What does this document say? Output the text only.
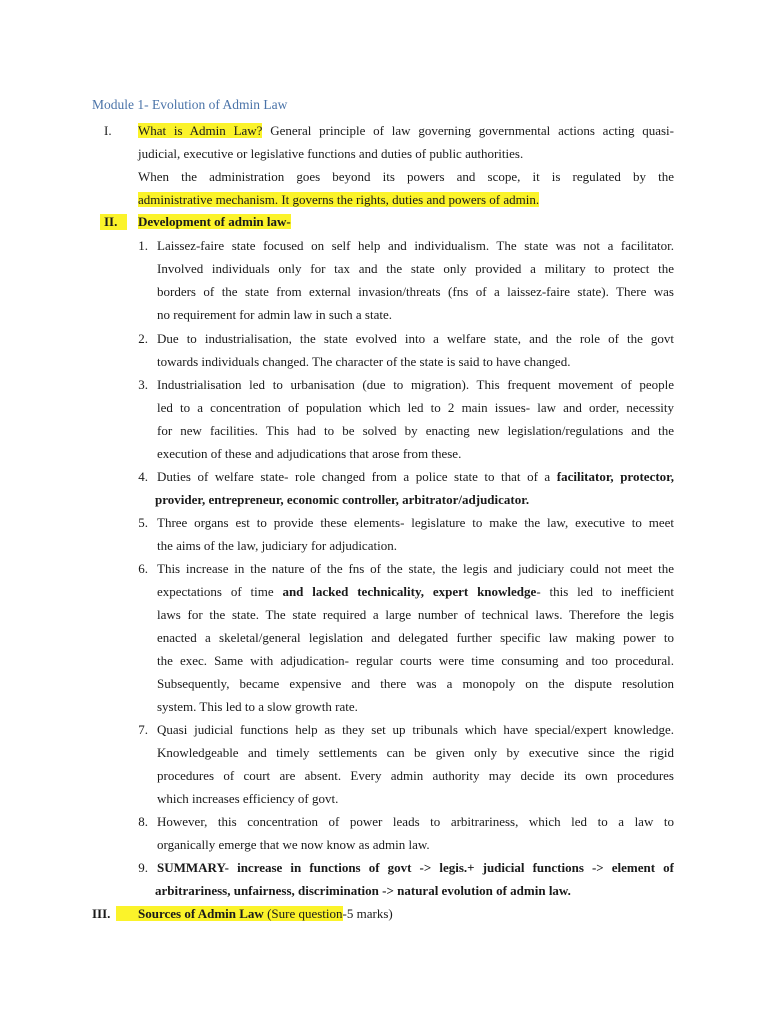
Module 1- Evolution of Admin Law
I. What is Admin Law? General principle of law governing governmental actions acting quasi-
judicial, executive or legislative functions and duties of public authorities.
When the administration goes beyond its powers and scope, it is regulated by the
administrative mechanism. It governs the rights, duties and powers of admin.
II.	Development of admin law-
1. Laissez-faire state focused on self help and individualism. The state was not a facilitator.
Involved individuals only for tax and the state only provided a military to protect the
borders of the state from external invasion/threats (fns of a laissez-faire state). There was
no requirement for admin law in such a state.
2. Due to industrialisation, the state evolved into a welfare state, and the role of the govt
towards individuals changed. The character of the state is said to have changed.
3. Industrialisation led to urbanisation (due to migration). This frequent movement of people
led to a concentration of population which led to 2 main issues- law and order, necessity
for new facilities. This had to be solved by enacting new legislation/regulations and the
execution of these and adjudications that arose from these.
4. Duties of welfare state- role changed from a police state to that of a facilitator, protector,
provider, entrepreneur, economic controller, arbitrator/adjudicator.
5. Three organs est to provide these elements- legislature to make the law, executive to meet
the aims of the law, judiciary for adjudication.
6. This increase in the nature of the fns of the state, the legis and judiciary could not meet the
expectations of time and lacked technicality, expert knowledge- this led to inefficient
laws for the state. The state required a large number of technical laws. Therefore the legis
enacted a skeletal/general legislation and delegated further specific law making power to
the exec. Same with adjudication- regular courts were time consuming and too procedural.
Subsequently, became expensive and there was a monopoly on the dispute resolution
system. This led to a slow growth rate.
7. Quasi judicial functions help as they set up tribunals which have special/expert knowledge.
Knowledgeable and timely settlements can be given only by executive since the rigid
procedures of court are absent. Every admin authority may decide its own procedures
which increases efficiency of govt.
8. However, this concentration of power leads to arbitrariness, which led to a law to
organically emerge that we now know as admin law.
9. SUMMARY- increase in functions of govt -> legis.+ judicial functions -> element of
arbitrariness, unfairness, discrimination -> natural evolution of admin law.
III.	Sources of Admin Law (Sure question-5 marks)
